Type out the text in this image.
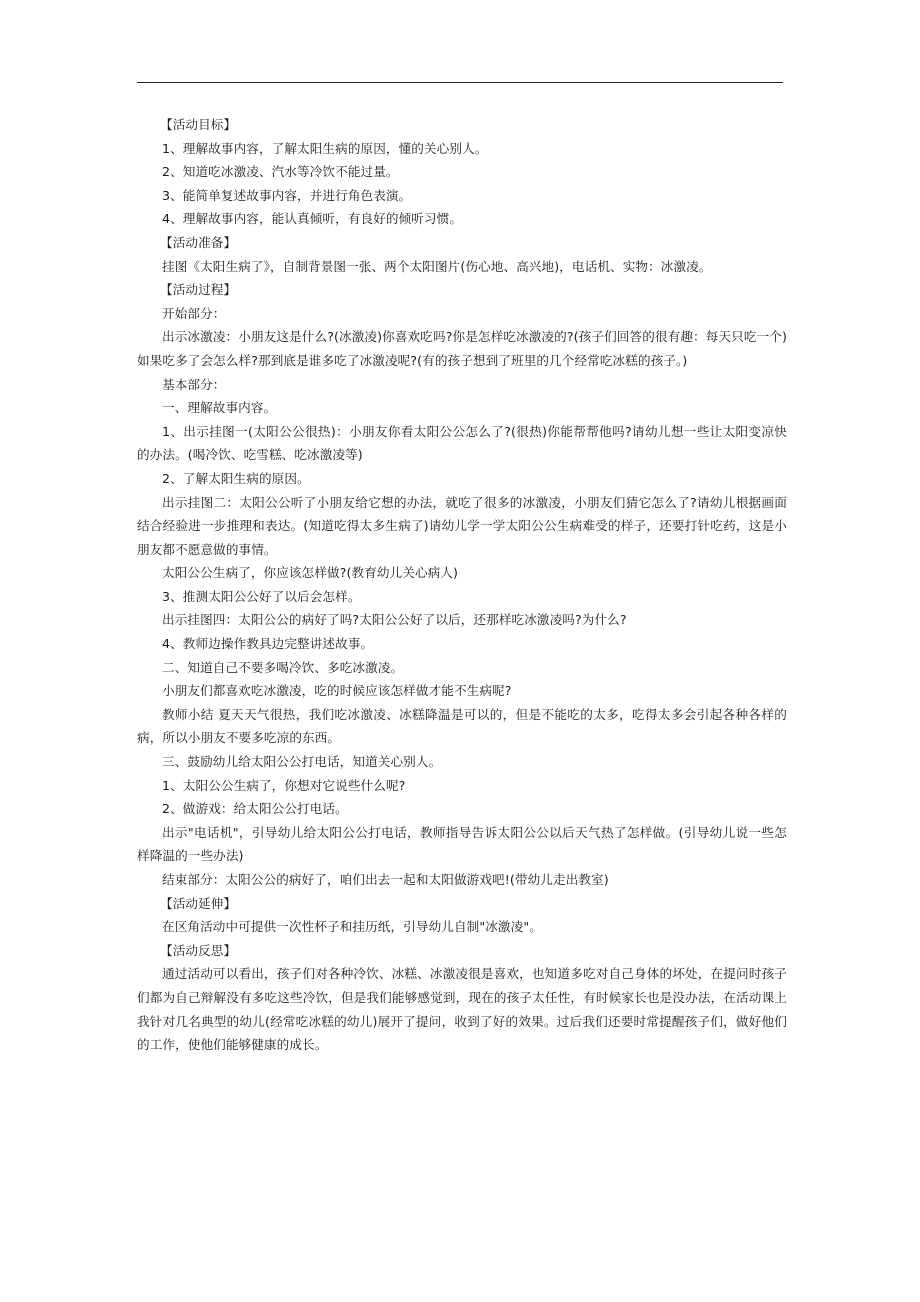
【活动目标】

1、理解故事内容，了解太阳生病的原因，懂的关心别人。

2、知道吃冰激凌、汽水等冷饮不能过量。

3、能简单复述故事内容，并进行角色表演。

4、理解故事内容，能认真倾听，有良好的倾听习惯。

【活动准备】

挂图《太阳生病了》，自制背景图一张、两个太阳图片(伤心地、高兴地)，电话机、实物：冰激凌。

【活动过程】

开始部分：

出示冰激凌：小朋友这是什么?(冰激凌)你喜欢吃吗?你是怎样吃冰激凌的?(孩子们回答的很有趣：每天只吃一个)如果吃多了会怎么样?那到底是谁多吃了冰激凌呢?(有的孩子想到了班里的几个经常吃冰糕的孩子。)

基本部分：

一、理解故事内容。

1、出示挂图一(太阳公公很热)：小朋友你看太阳公公怎么了?(很热)你能帮帮他吗?请幼儿想一些让太阳变凉快的办法。(喝冷饮、吃雪糕、吃冰激凌等)

2、了解太阳生病的原因。

出示挂图二：太阳公公听了小朋友给它想的办法，就吃了很多的冰激凌，小朋友们猜它怎么了?请幼儿根据画面结合经验进一步推理和表达。(知道吃得太多生病了)请幼儿学一学太阳公公生病难受的样子，还要打针吃药，这是小朋友都不愿意做的事情。

太阳公公生病了，你应该怎样做?(教育幼儿关心病人)

3、推测太阳公公好了以后会怎样。

出示挂图四：太阳公公的病好了吗?太阳公公好了以后，还那样吃冰激凌吗?为什么?

4、教师边操作教具边完整讲述故事。

二、知道自己不要多喝冷饮、多吃冰激凌。

小朋友们都喜欢吃冰激凌，吃的时候应该怎样做才能不生病呢?

教师小结 夏天天气很热，我们吃冰激凌、冰糕降温是可以的，但是不能吃的太多，吃得太多会引起各种各样的病，所以小朋友不要多吃凉的东西。

三、鼓励幼儿给太阳公公打电话，知道关心别人。

1、太阳公公生病了，你想对它说些什么呢?

2、做游戏：给太阳公公打电话。

出示"电话机"，引导幼儿给太阳公公打电话，教师指导告诉太阳公公以后天气热了怎样做。(引导幼儿说一些怎样降温的一些办法)

结束部分：太阳公公的病好了，咱们出去一起和太阳做游戏吧!(带幼儿走出教室)

【活动延伸】

在区角活动中可提供一次性杯子和挂历纸，引导幼儿自制"冰激凌"。

【活动反思】

通过活动可以看出，孩子们对各种冷饮、冰糕、冰激凌很是喜欢，也知道多吃对自己身体的坏处，在提问时孩子们都为自己辩解没有多吃这些冷饮，但是我们能够感觉到，现在的孩子太任性，有时候家长也是没办法，在活动课上我针对几名典型的幼儿(经常吃冰糕的幼儿)展开了提问，收到了好的效果。过后我们还要时常提醒孩子们，做好他们的工作，使他们能够健康的成长。
